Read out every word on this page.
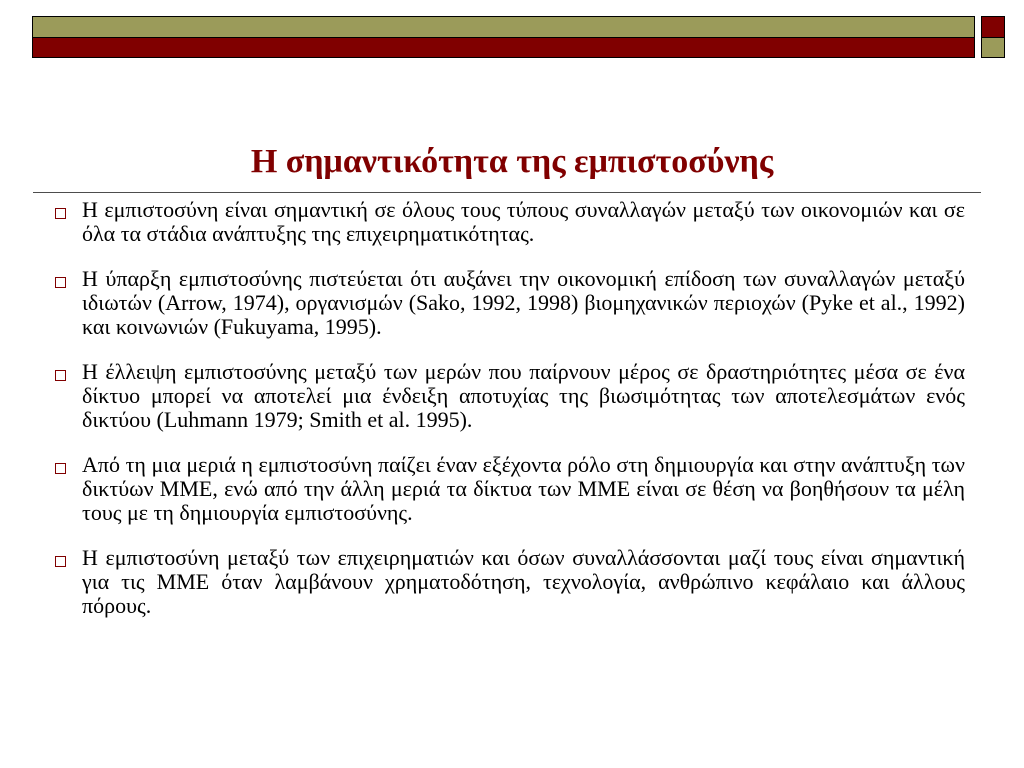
Η σημαντικότητα της εμπιστοσύνης
Η εμπιστοσύνη είναι σημαντική σε όλους τους τύπους συναλλαγών μεταξύ των οικονομιών και σε όλα τα στάδια ανάπτυξης της επιχειρηματικότητας.
Η ύπαρξη εμπιστοσύνης πιστεύεται ότι αυξάνει την οικονομική επίδοση των συναλλαγών μεταξύ ιδιωτών (Arrow, 1974), οργανισμών (Sako, 1992, 1998) βιομηχανικών περιοχών (Pyke et al., 1992) και κοινωνιών (Fukuyama, 1995).
Η έλλειψη εμπιστοσύνης μεταξύ των μερών που παίρνουν μέρος σε δραστηριότητες μέσα σε ένα δίκτυο μπορεί να αποτελεί μια ένδειξη αποτυχίας της βιωσιμότητας των αποτελεσμάτων ενός δικτύου (Luhmann 1979; Smith et al. 1995).
Από τη μια μεριά η εμπιστοσύνη παίζει έναν εξέχοντα ρόλο στη δημιουργία και στην ανάπτυξη των δικτύων ΜΜΕ, ενώ από την άλλη μεριά τα δίκτυα των ΜΜΕ είναι σε θέση να βοηθήσουν τα μέλη τους με τη δημιουργία εμπιστοσύνης.
Η εμπιστοσύνη μεταξύ των επιχειρηματιών και όσων συναλλάσσονται μαζί τους είναι σημαντική για τις ΜΜΕ όταν λαμβάνουν χρηματοδότηση, τεχνολογία, ανθρώπινο κεφάλαιο και άλλους πόρους.
